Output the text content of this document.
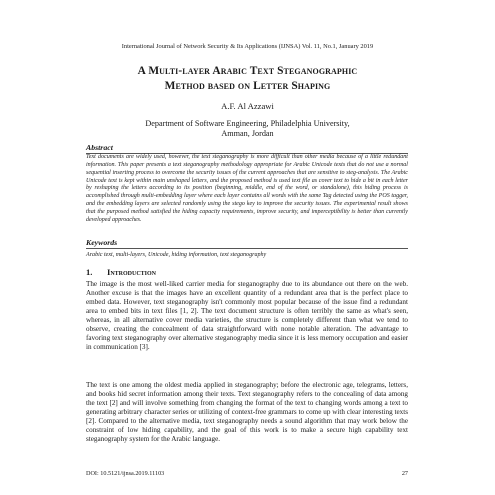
International Journal of Network Security & Its Applications (IJNSA) Vol. 11, No.1, January 2019
A Multi-layer Arabic Text Steganographic
Method based on Letter Shaping
A.F. Al Azzawi
Department of Software Engineering, Philadelphia University,
Amman, Jordan
Abstract
Text documents are widely used, however, the text steganography is more difficult than other media because of a little redundant information. This paper presents a text steganography methodology appropriate for Arabic Unicode texts that do not use a normal sequential inserting process to overcome the security issues of the current approaches that are sensitive to steg-analysis. The Arabic Unicode text is kept within main unshaped letters, and the proposed method is used text file as cover text to hide a bit in each letter by reshaping the letters according to its position (beginning, middle, end of the word, or standalone), this hiding process is accomplished through multi-embedding layer where each layer contains all words with the same Tag detected using the POS tagger, and the embedding layers are selected randomly using the stego key to improve the security issues. The experimental result shows that the purposed method satisfied the hiding capacity requirements, improve security, and imperceptibility is better than currently developed approaches.
Keywords
Arabic text, multi-layers, Unicode, hiding information, text steganography
1. Introduction
The image is the most well-liked carrier media for steganography due to its abundance out there on the web. Another excuse is that the images have an excellent quantity of a redundant area that is the perfect place to embed data. However, text steganography isn't commonly most popular because of the issue find a redundant area to embed bits in text files [1, 2]. The text document structure is often terribly the same as what's seen, whereas, in all alternative cover media varieties, the structure is completely different than what we tend to observe, creating the concealment of data straightforward with none notable alteration. The advantage to favoring text steganography over alternative steganography media since it is less memory occupation and easier in communication [3].
The text is one among the oldest media applied in steganography; before the electronic age, telegrams, letters, and books hid secret information among their texts. Text steganography refers to the concealing of data among the text [2] and will involve something from changing the format of the text to changing words among a text to generating arbitrary character series or utilizing of context-free grammars to come up with clear interesting texts [2]. Compared to the alternative media, text steganography needs a sound algorithm that may work below the constraint of low hiding capability, and the goal of this work is to make a secure high capability text steganography system for the Arabic language.
DOI: 10.5121/ijnsa.2019.11103	27
